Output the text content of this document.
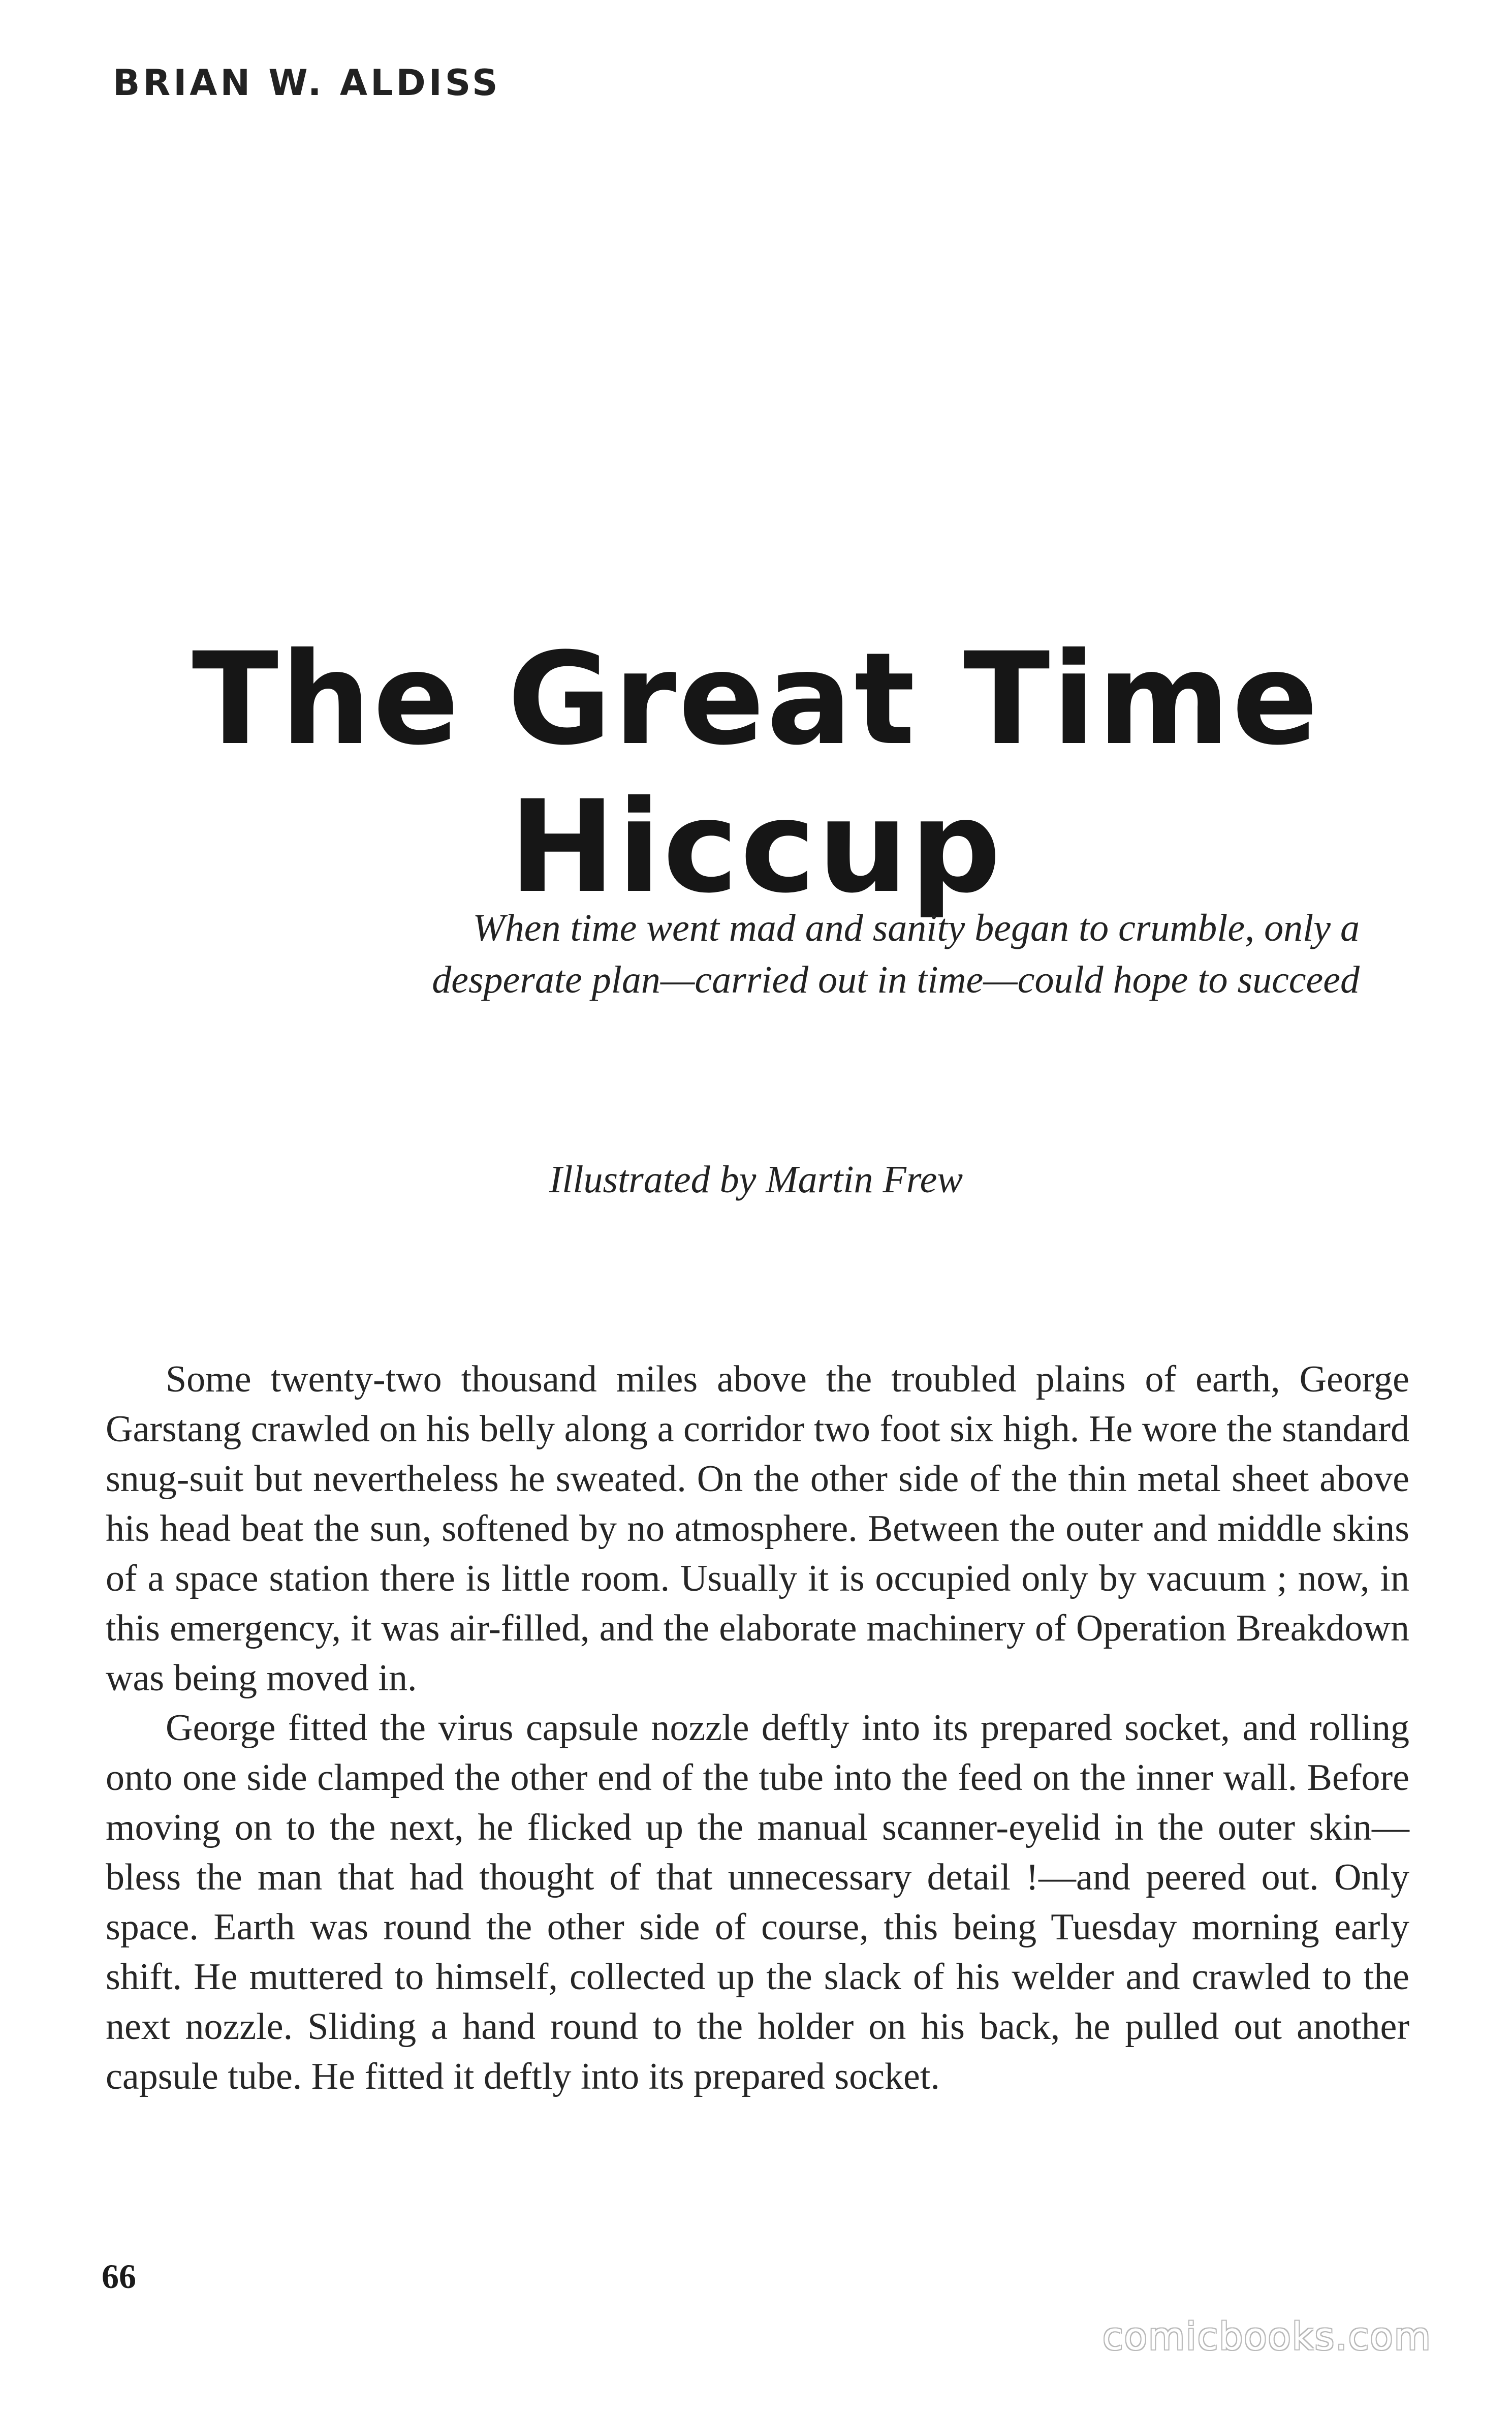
BRIAN W. ALDISS
The Great Time Hiccup
When time went mad and sanity began to crumble, only a
desperate plan—carried out in time—could hope to succeed
Illustrated by Martin Frew

Some twenty-two thousand miles above the troubled plains of earth, George Garstang crawled on his belly along a corridor two foot six high. He wore the standard snug-suit but nevertheless he sweated. On the other side of the thin metal sheet above his head beat the sun, softened by no atmosphere. Between the outer and middle skins of a space station there is little room. Usually it is occupied only by vacuum ; now, in this emergency, it was air-filled, and the elaborate machinery of Operation Breakdown was being moved in.

George fitted the virus capsule nozzle deftly into its prepared socket, and rolling onto one side clamped the other end of the tube into the feed on the inner wall. Before moving on to the next, he flicked up the manual scanner-eyelid in the outer skin—bless the man that had thought of that unnecessary detail !—and peered out. Only space. Earth was round the other side of course, this being Tuesday morning early shift. He muttered to himself, collected up the slack of his welder and crawled to the next nozzle. Sliding a hand round to the holder on his back, he pulled out another capsule tube. He fitted it deftly into its prepared socket.

66
comicbooks.com
